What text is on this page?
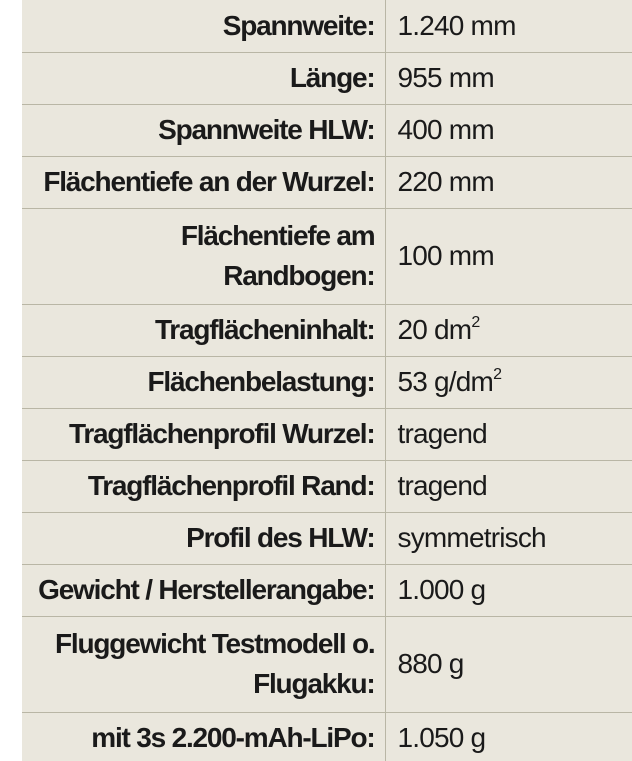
Spannweite:	1.240 mm
Länge:	955 mm
Spannweite HLW:	400 mm
Flächentiefe an der Wurzel:	220 mm
Flächentiefe am
Randbogen:	100 mm
Tragflächeninhalt:	20 $dm^2$
Flächenbelastung:	53 $g/dm^2$
Tragflächenprofil Wurzel:	tragend
Tragflächenprofil Rand:	tragend
Profil des HLW:	symmetrisch
Gewicht / Herstellerangabe:	1.000 g
Fluggewicht Testmodell o.
Flugakku:	880 g
mit 3s 2.200-mAh-LiPo:	1.050 g
